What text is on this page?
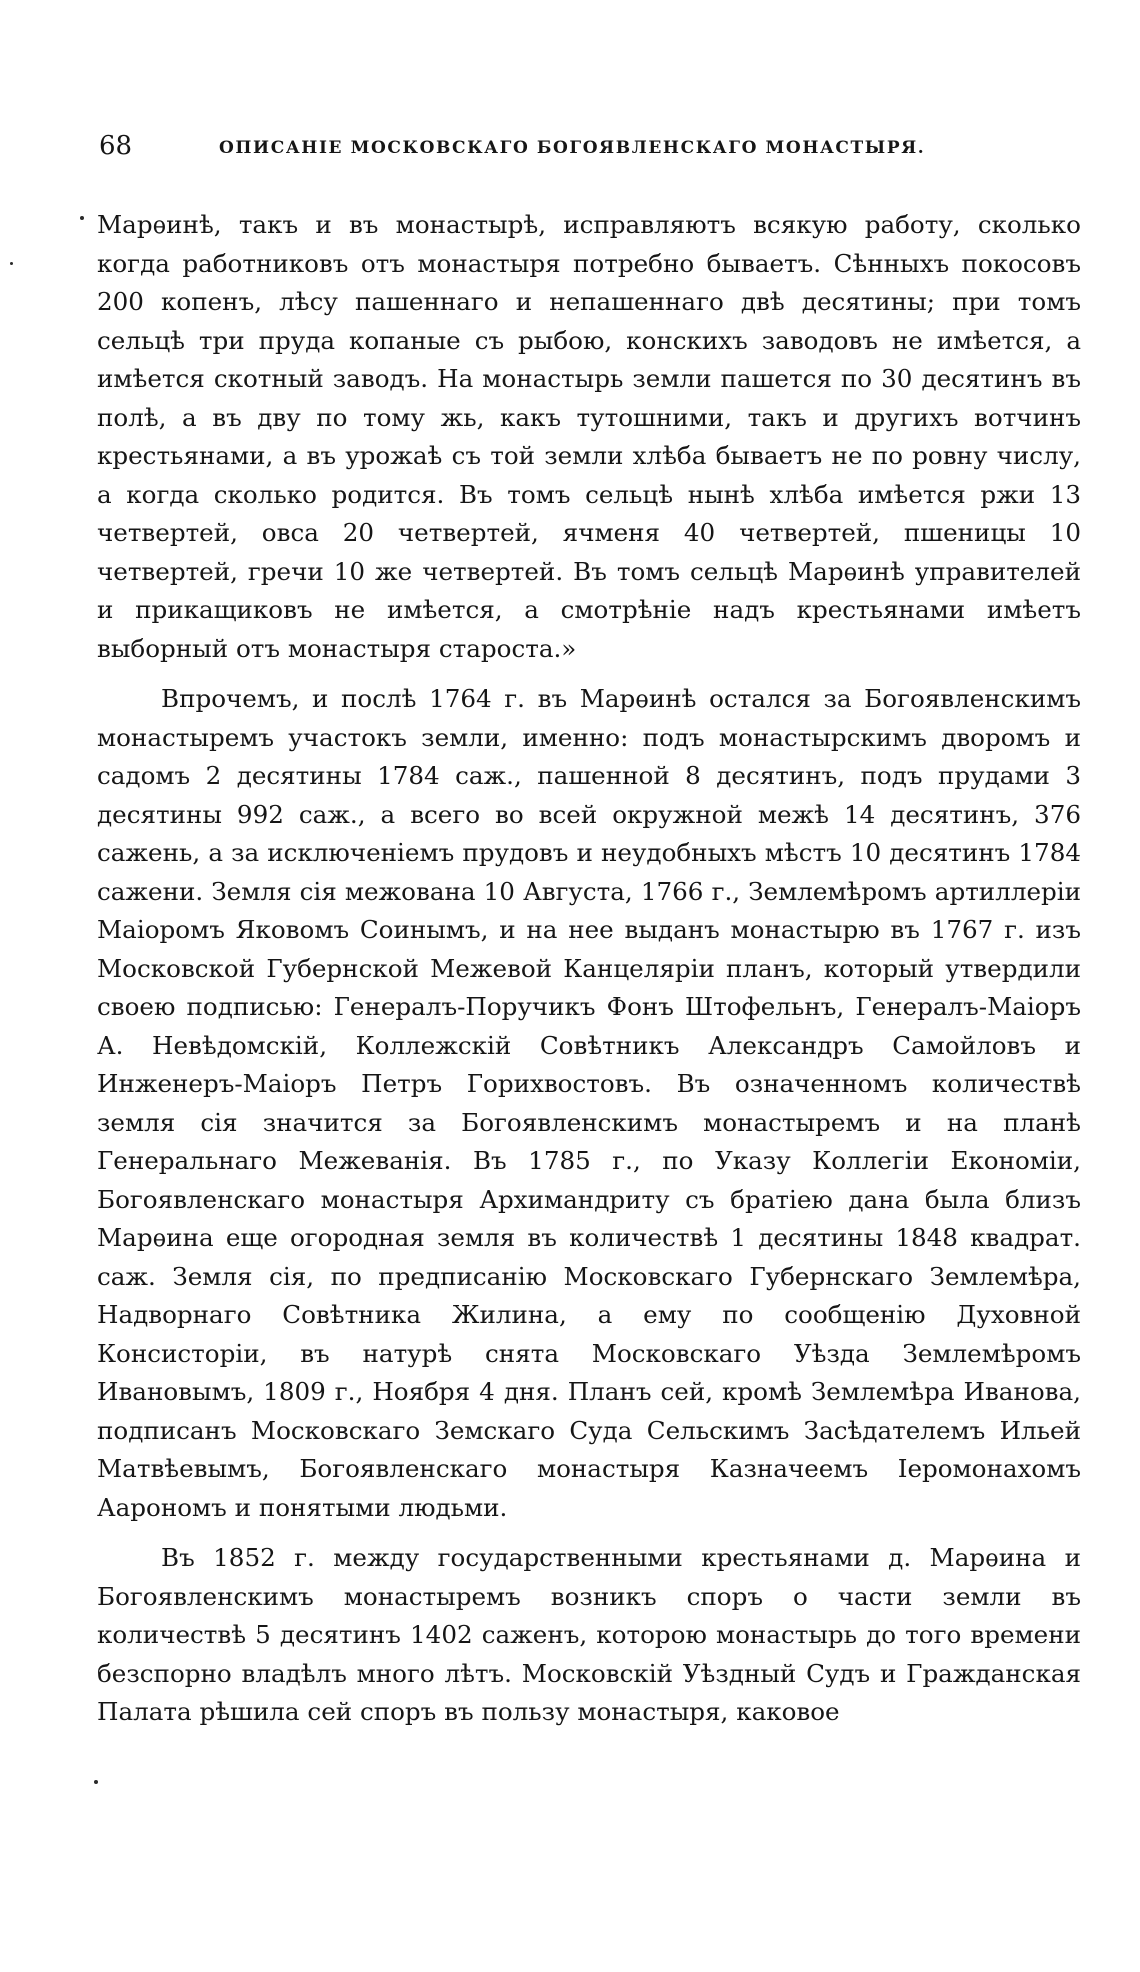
68	ОПИСАНІЕ МОСКОВСКАГО БОГОЯВЛЕНСКАГО МОНАСТЫРЯ.

Марѳинѣ, такъ и въ монастырѣ, исправляютъ всякую работу, сколько когда работниковъ отъ монастыря потребно бываетъ. Сѣнныхъ покосовъ 200 копенъ, лѣсу пашеннаго и непашеннаго двѣ десятины; при томъ сельцѣ три пруда копаные съ рыбою, конскихъ заводовъ не имѣется, а имѣется скотный заводъ. На монастырь земли пашется по 30 десятинъ въ полѣ, а въ дву по тому жь, какъ тутошними, такъ и другихъ вотчинъ крестьянами, а въ урожаѣ съ той земли хлѣба бываетъ не по ровну числу, а когда сколько родится. Въ томъ сельцѣ нынѣ хлѣба имѣется ржи 13 четвертей, овса 20 четвертей, ячменя 40 четвертей, пшеницы 10 четвертей, гречи 10 же четвертей. Въ томъ сельцѣ Марѳинѣ управителей и прикащиковъ не имѣется, а смотрѣніе надъ крестьянами имѣетъ выборный отъ монастыря староста.»

Впрочемъ, и послѣ 1764 г. въ Марѳинѣ остался за Богоявленскимъ монастыремъ участокъ земли, именно: подъ монастырскимъ дворомъ и садомъ 2 десятины 1784 саж., пашенной 8 десятинъ, подъ прудами 3 десятины 992 саж., а всего во всей окружной межѣ 14 десятинъ, 376 сажень, а за исключеніемъ прудовъ и неудобныхъ мѣстъ 10 десятинъ 1784 сажени. Земля сія межована 10 Августа, 1766 г., Землемѣромъ артиллеріи Маіоромъ Яковомъ Соинымъ, и на нее выданъ монастырю въ 1767 г. изъ Московской Губернской Межевой Канцеляріи планъ, который утвердили своею подписью: Генералъ-Поручикъ Фонъ Штофельнъ, Генералъ-Маіоръ А. Невѣдомскій, Коллежскій Совѣтникъ Александръ Самойловъ и Инженеръ-Маіоръ Петръ Горихвостовъ. Въ означенномъ количествѣ земля сія значится за Богоявленскимъ монастыремъ и на планѣ Генеральнаго Межеванія. Въ 1785 г., по Указу Коллегіи Економіи, Богоявленскаго монастыря Архимандриту съ братіею дана была близъ Марѳина еще огородная земля въ количествѣ 1 десятины 1848 квадрат. саж. Земля сія, по предписанію Московскаго Губернскаго Землемѣра, Надворнаго Совѣтника Жилина, а ему по сообщенію Духовной Консисторіи, въ натурѣ снята Московскаго Уѣзда Землемѣромъ Ивановымъ, 1809 г., Ноября 4 дня. Планъ сей, кромѣ Землемѣра Иванова, подписанъ Московскаго Земскаго Суда Сельскимъ Засѣдателемъ Ильей Матвѣевымъ, Богоявленскаго монастыря Казначеемъ Іеромонахомъ Аарономъ и понятыми людьми.

Въ 1852 г. между государственными крестьянами д. Марѳина и Богоявленскимъ монастыремъ возникъ споръ о части земли въ количествѣ 5 десятинъ 1402 саженъ, которою монастырь до того времени безспорно владѣлъ много лѣтъ. Московскій Уѣздный Судъ и Гражданская Палата рѣшила сей споръ въ пользу монастыря, каковое
